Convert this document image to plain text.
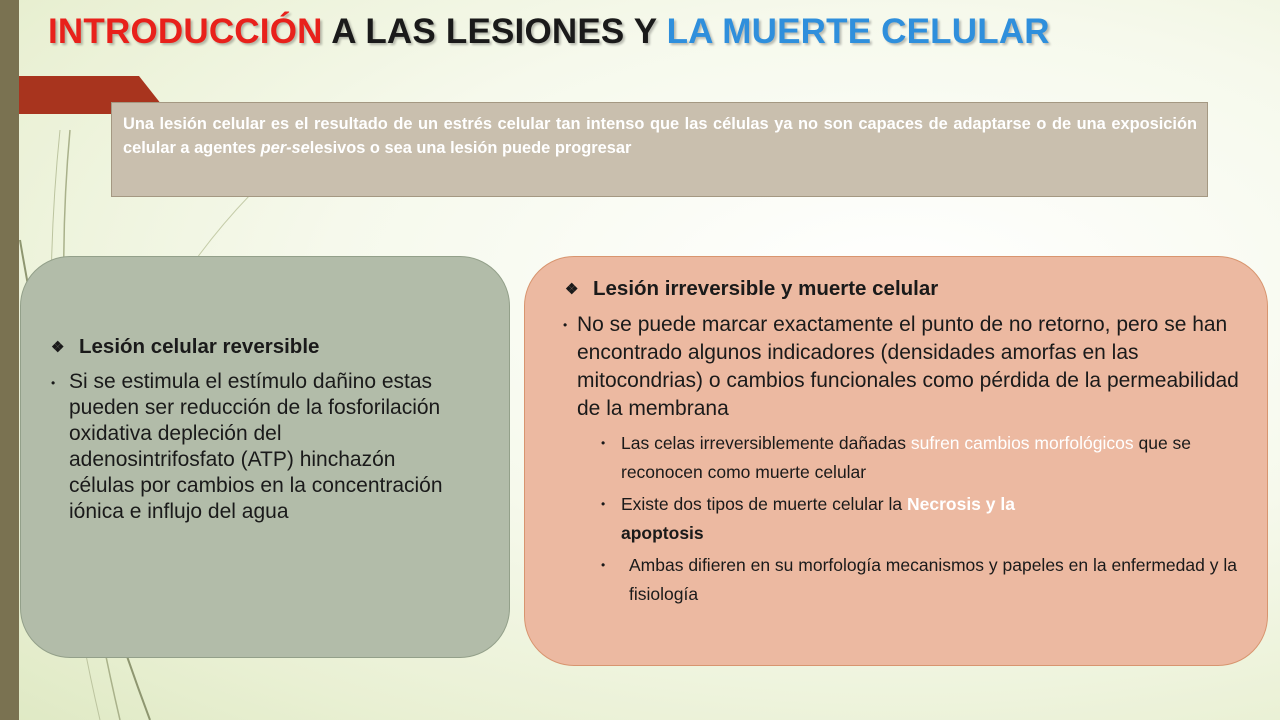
INTRODUCCIÓN A LAS LESIONES Y LA MUERTE CELULAR
Una lesión celular es el resultado de un estrés celular tan intenso que las células ya no son capaces de adaptarse o de una exposición celular a agentes per-selesivos o sea una lesión puede progresar
❖ Lesión celular reversible
• Si se estimula el estímulo dañino estas pueden ser reducción de la fosforilación oxidativa depleción del adenosintrifosfato (ATP) hinchazón células por cambios en la concentración iónica e influjo del agua
❖ Lesión irreversible y muerte celular
• No se puede marcar exactamente el punto de no retorno, pero se han encontrado algunos indicadores (densidades amorfas en las mitocondrias) o cambios funcionales como pérdida de la permeabilidad de la membrana
• Las celas irreversiblemente dañadas sufren cambios morfológicos que se reconocen como muerte celular
• Existe dos tipos de muerte celular la Necrosis y la
apoptosis
• Ambas difieren en su morfología mecanismos y papeles en la enfermedad y la fisiología
